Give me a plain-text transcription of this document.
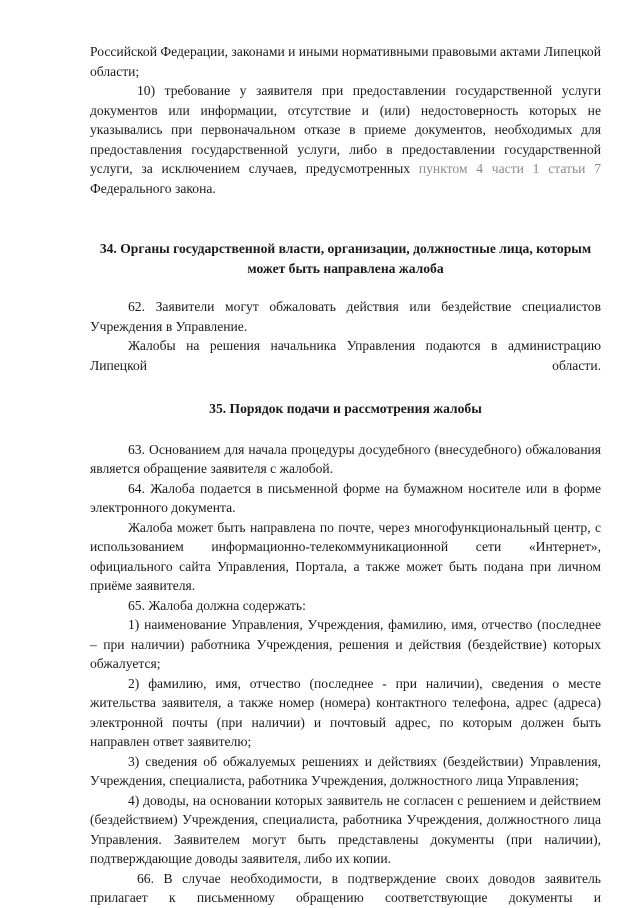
Российской Федерации, законами и иными нормативными правовыми актами Липецкой области;

10) требование у заявителя при предоставлении государственной услуги документов или информации, отсутствие и (или) недостоверность которых не указывались при первоначальном отказе в приеме документов, необходимых для предоставления государственной услуги, либо в предоставлении государственной услуги, за исключением случаев, предусмотренных пунктом 4 части 1 статьи 7 Федерального закона.

34. Органы государственной власти, организации, должностные лица, которым может быть направлена жалоба

62. Заявители могут обжаловать действия или бездействие специалистов Учреждения в Управление.

Жалобы на решения начальника Управления подаются в администрацию Липецкой области.

35. Порядок подачи и рассмотрения жалобы

63. Основанием для начала процедуры досудебного (внесудебного) обжалования является обращение заявителя с жалобой.

64. Жалоба подается в письменной форме на бумажном носителе или в форме электронного документа.

Жалоба может быть направлена по почте, через многофункциональный центр, с использованием информационно-телекоммуникационной сети «Интернет», официального сайта Управления, Портала, а также может быть подана при личном приёме заявителя.

65. Жалоба должна содержать:

1) наименование Управления, Учреждения, фамилию, имя, отчество (последнее – при наличии) работника Учреждения, решения и действия (бездействие) которых обжалуется;

2) фамилию, имя, отчество (последнее - при наличии), сведения о месте жительства заявителя, а также номер (номера) контактного телефона, адрес (адреса) электронной почты (при наличии) и почтовый адрес, по которым должен быть направлен ответ заявителю;

3) сведения об обжалуемых решениях и действиях (бездействии) Управления, Учреждения, специалиста, работника Учреждения, должностного лица Управления;

4) доводы, на основании которых заявитель не согласен с решением и действием (бездействием) Учреждения, специалиста, работника Учреждения, должностного лица Управления. Заявителем могут быть представлены документы (при наличии), подтверждающие доводы заявителя, либо их копии.

66. В случае необходимости, в подтверждение своих доводов заявитель прилагает к письменному обращению соответствующие документы и
